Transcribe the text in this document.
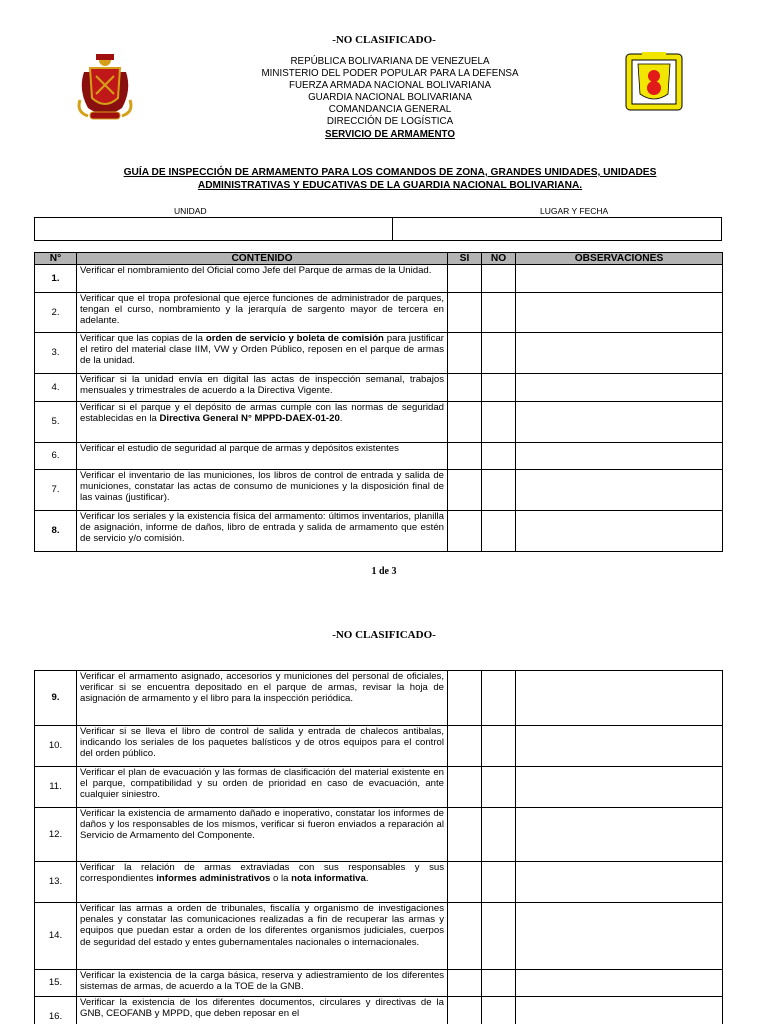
-NO CLASIFICADO-
REPÚBLICA BOLIVARIANA DE VENEZUELA
MINISTERIO DEL PODER POPULAR PARA LA DEFENSA
FUERZA ARMADA NACIONAL BOLIVARIANA
GUARDIA NACIONAL BOLIVARIANA
COMANDANCIA GENERAL
DIRECCIÓN DE LOGÍSTICA
SERVICIO DE ARMAMENTO
GUÍA DE INSPECCIÓN DE ARMAMENTO PARA LOS COMANDOS DE ZONA, GRANDES UNIDADES, UNIDADES
ADMINISTRATIVAS Y EDUCATIVAS DE LA GUARDIA NACIONAL BOLIVARIANA.
UNIDAD	LUGAR Y FECHA
N°	CONTENIDO	SI	NO	OBSERVACIONES
1.	Verificar el nombramiento del Oficial como Jefe del Parque de armas de la Unidad.			
2.	Verificar que el tropa profesional que ejerce funciones de administrador de parques, tengan el curso, nombramiento y la jerarquía de sargento mayor de tercera en adelante.			
3.	Verificar que las copias de la orden de servicio y boleta de comisión para justificar el retiro del material clase IIM, VW y Orden Público, reposen en el parque de armas de la unidad.			
4.	Verificar si la unidad envía en digital las actas de inspección semanal, trabajos mensuales y trimestrales de acuerdo a la Directiva Vigente.			
5.	Verificar si el parque y el depósito de armas cumple con las normas de seguridad establecidas en la Directiva General N° MPPD-DAEX-01-20.			
6.	Verificar el estudio de seguridad al parque de armas y depósitos existentes			
7.	Verificar el inventario de las municiones, los libros de control de entrada y salida de municiones, constatar las actas de consumo de municiones y la disposición final de las vainas (justificar).			
8.	Verificar los seriales y la existencia física del armamento: últimos inventarios, planilla de asignación, informe de daños, libro de entrada y salida de armamento que estén de servicio y/o comisión.			
1 de 3
-NO CLASIFICADO-
9.	Verificar el armamento asignado, accesorios y municiones del personal de oficiales, verificar si se encuentra depositado en el parque de armas, revisar la hoja de asignación de armamento y el libro para la inspección periódica.			
10.	Verificar si se lleva el libro de control de salida y entrada de chalecos antibalas, indicando los seriales de los paquetes balísticos y de otros equipos para el control del orden público.			
11.	Verificar el plan de evacuación y las formas de clasificación del material existente en el parque, compatibilidad y su orden de prioridad en caso de evacuación, ante cualquier siniestro.			
12.	Verificar la existencia de armamento dañado e inoperativo, constatar los informes de daños y los responsables de los mismos, verificar si fueron enviados a reparación al Servicio de Armamento del Componente.			
13.	Verificar la relación de armas extraviadas con sus responsables y sus correspondientes informes administrativos o la nota informativa.			
14.	Verificar las armas a orden de tribunales, fiscalía y organismo de investigaciones penales y constatar las comunicaciones realizadas a fin de recuperar las armas y equipos que puedan estar a orden de los diferentes organismos judiciales, cuerpos de seguridad del estado y entes gubernamentales nacionales o internacionales.			
15.	Verificar la existencia de la carga básica, reserva y adiestramiento de los diferentes sistemas de armas, de acuerdo a la TOE de la GNB.			
16.	Verificar la existencia de los diferentes documentos, circulares y directivas de la GNB, CEOFANB y MPPD, que deben reposar en el			
